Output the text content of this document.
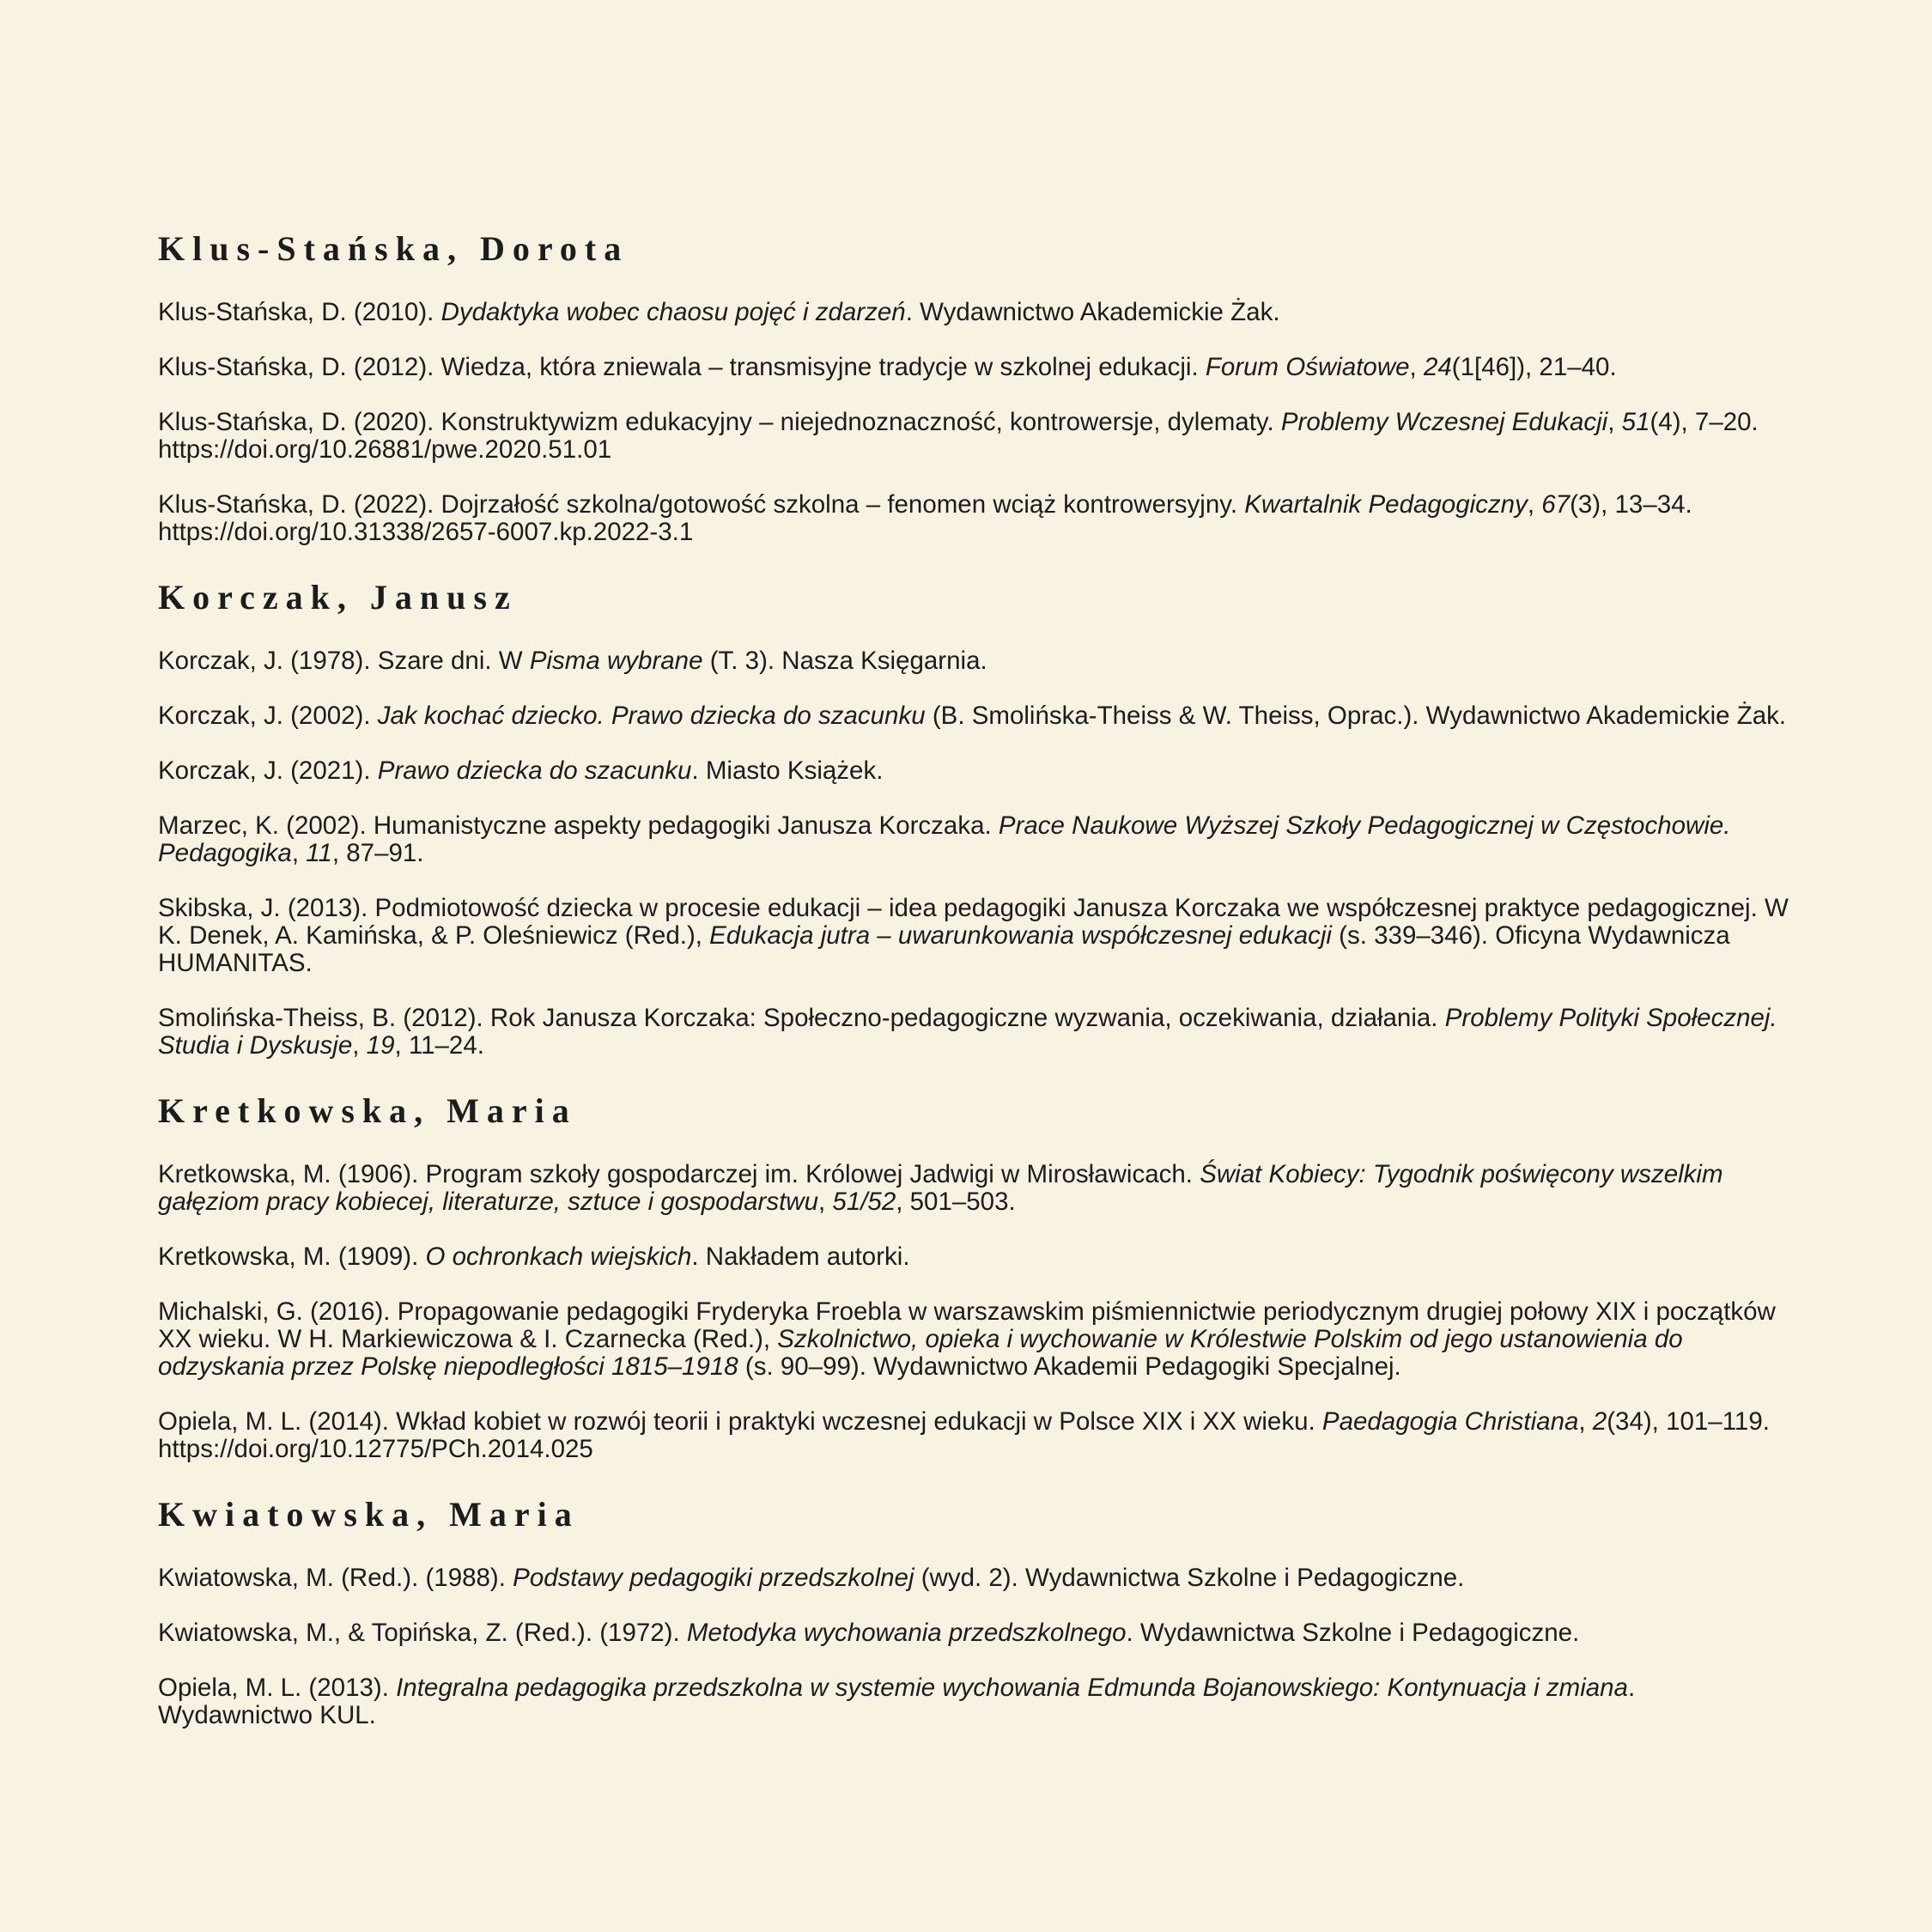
Klus-Stańska, Dorota

Klus-Stańska, D. (2010). Dydaktyka wobec chaosu pojęć i zdarzeń. Wydawnictwo Akademickie Żak.

Klus-Stańska, D. (2012). Wiedza, która zniewala – transmisyjne tradycje w szkolnej edukacji. Forum Oświatowe, 24(1[46]), 21–40.

Klus-Stańska, D. (2020). Konstruktywizm edukacyjny – niejednoznaczność, kontrowersje, dylematy. Problemy Wczesnej Edukacji, 51(4), 7–20. https://doi.org/10.26881/pwe.2020.51.01

Klus-Stańska, D. (2022). Dojrzałość szkolna/gotowość szkolna – fenomen wciąż kontrowersyjny. Kwartalnik Pedagogiczny, 67(3), 13–34. https://doi.org/10.31338/2657-6007.kp.2022-3.1

Korczak, Janusz

Korczak, J. (1978). Szare dni. W Pisma wybrane (T. 3). Nasza Księgarnia.

Korczak, J. (2002). Jak kochać dziecko. Prawo dziecka do szacunku (B. Smolińska-Theiss & W. Theiss, Oprac.). Wydawnictwo Akademickie Żak.

Korczak, J. (2021). Prawo dziecka do szacunku. Miasto Książek.

Marzec, K. (2002). Humanistyczne aspekty pedagogiki Janusza Korczaka. Prace Naukowe Wyższej Szkoły Pedagogicznej w Częstochowie. Pedagogika, 11, 87–91.

Skibska, J. (2013). Podmiotowość dziecka w procesie edukacji – idea pedagogiki Janusza Korczaka we współczesnej praktyce pedagogicznej. W K. Denek, A. Kamińska, & P. Oleśniewicz (Red.), Edukacja jutra – uwarunkowania współczesnej edukacji (s. 339–346). Oficyna Wydawnicza HUMANITAS.

Smolińska-Theiss, B. (2012). Rok Janusza Korczaka: Społeczno-pedagogiczne wyzwania, oczekiwania, działania. Problemy Polityki Społecznej. Studia i Dyskusje, 19, 11–24.

Kretkowska, Maria

Kretkowska, M. (1906). Program szkoły gospodarczej im. Królowej Jadwigi w Mirosławicach. Świat Kobiecy: Tygodnik poświęcony wszelkim gałęziom pracy kobiecej, literaturze, sztuce i gospodarstwu, 51/52, 501–503.

Kretkowska, M. (1909). O ochronkach wiejskich. Nakładem autorki.

Michalski, G. (2016). Propagowanie pedagogiki Fryderyka Froebla w warszawskim piśmiennictwie periodycznym drugiej połowy XIX i początków XX wieku. W H. Markiewiczowa & I. Czarnecka (Red.), Szkolnictwo, opieka i wychowanie w Królestwie Polskim od jego ustanowienia do odzyskania przez Polskę niepodległości 1815–1918 (s. 90–99). Wydawnictwo Akademii Pedagogiki Specjalnej.

Opiela, M. L. (2014). Wkład kobiet w rozwój teorii i praktyki wczesnej edukacji w Polsce XIX i XX wieku. Paedagogia Christiana, 2(34), 101–119. https://doi.org/10.12775/PCh.2014.025

Kwiatowska, Maria

Kwiatowska, M. (Red.). (1988). Podstawy pedagogiki przedszkolnej (wyd. 2). Wydawnictwa Szkolne i Pedagogiczne.

Kwiatowska, M., & Topińska, Z. (Red.). (1972). Metodyka wychowania przedszkolnego. Wydawnictwa Szkolne i Pedagogiczne.

Opiela, M. L. (2013). Integralna pedagogika przedszkolna w systemie wychowania Edmunda Bojanowskiego: Kontynuacja i zmiana. Wydawnictwo KUL.
